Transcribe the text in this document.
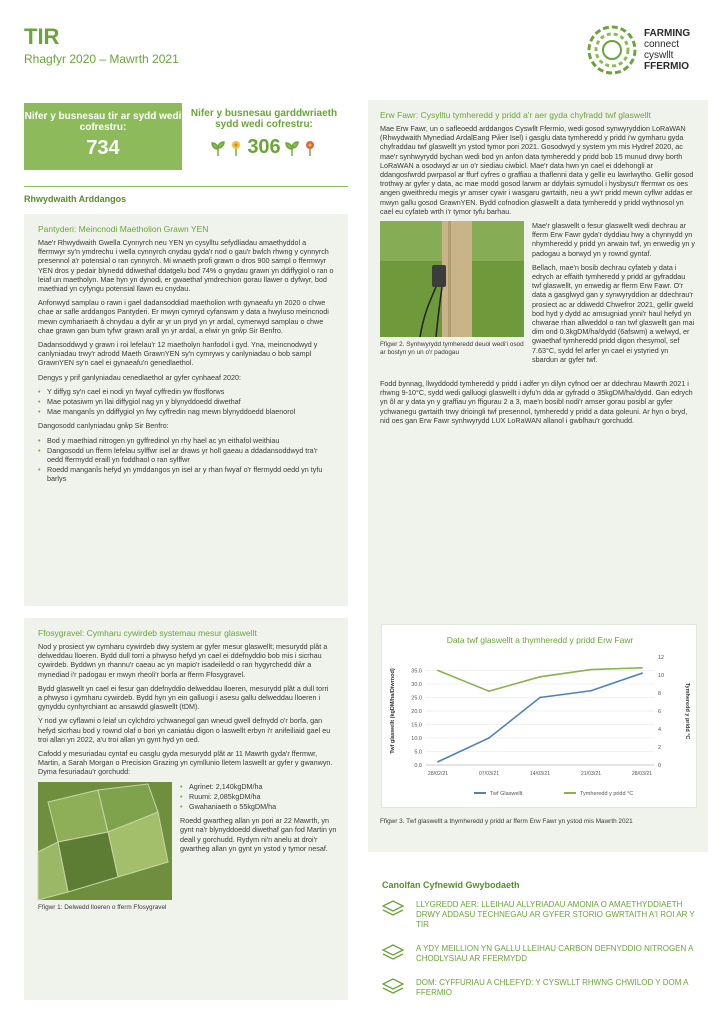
TIR
Rhagfyr 2020 – Mawrth 2021
FARMING
connect
cyswllt
FFERMIO
Nifer y busnesau tir ar sydd wedi cofrestru:
734
Nifer y busnesau garddwriaeth sydd wedi cofrestru:
306
Rhwydwaith Arddangos
Pantyderi: Meincnodi Maetholion Grawn YEN

Mae'r Rhwydwaith Gwella Cynnyrch neu YEN yn cysylltu sefydliadau amaethyddol a ffermwyr sy'n ymdrechu i wella cynnyrch cnydau gyda'r nod o gau'r bwlch rhwng y cynnyrch presennol a'r potensial o ran cynnyrch. Mi wnaeth profi grawn o dros 900 sampl o ffermwyr YEN dros y pedair blynedd ddiwethaf ddatgelu bod 74% o gnydau grawn yn ddiffygiol o ran o leiaf un maetholyn. Mae hyn yn dynodi, er gwaethaf ymdrechion gorau llawer o dyfwyr, bod maethiad yn cyfyngu potensial llawn eu cnydau.

Anfonwyd samplau o rawn i gael dadansoddiad maetholion wrth gynaeafu yn 2020 o chwe chae ar safle arddangos Pantyderi. Er mwyn cymryd cyfanswm y data a hwyluso meincnodi mewn cymhariaeth â chnydau a dyfir ar yr un pryd yn yr ardal, cymerwyd samplau o chwe chae grawn gan bum tyfwr grawn arall yn yr ardal, a elwir yn grŵp Sir Benfro.

Dadansoddwyd y grawn i roi lefelau'r 12 maetholyn hanfodol i gyd. Yna, meincnodwyd y canlyniadau trwy'r adrodd Maeth GrawnYEN sy'n cymryws y canlyniadau o bob sampl GrawnYEN sy'n cael ei gynaeafu'n genedlaethol.

Dengys y prif ganlyniadau cenedlaethol ar gyfer cynhaeaf 2020:

• Y diffyg sy'n cael ei nodi yn fwyaf cyffredin yw ffosfforws
• Mae potasiwm yn llai diffygiol nag yn y blynyddoedd diwethaf
• Mae manganîs yn ddiffygiol yn fwy cyffredin nag mewn blynyddoedd blaenorol

Dangosodd canlyniadau grŵp Sir Benfro:

• Bod y maethiad nitrogen yn gyffredinol yn rhy hael ac yn eithafol weithiau
• Dangosodd un fferm lefelau sylffwr isel ar draws yr holl gaeau a ddadansoddwyd tra'r oedd ffermydd eraill yn foddhaol o ran sylffwr
• Roedd manganîs hefyd yn ymddangos yn isel ar y rhan fwyaf o'r ffermydd oedd yn tyfu barlys
Ffosygravel: Cymharu cywirdeb systemau mesur glaswellt

Nod y prosiect yw cymharu cywirdeb dwy system ar gyfer mesur glaswellt; mesurydd plât a delweddau lloeren. Bydd dull torri a phwyso hefyd yn cael ei ddefnyddio bob mis i sicrhau cywirdeb. Byddwn yn rhannu'r caeau ac yn mapio'r isadeiledd o ran hygyrchedd dŵr a mynediad i'r padogau er mwyn rheoli'r borfa ar fferm Ffosygravel.

Bydd glaswellt yn cael ei fesur gan ddefnyddio delweddau lloeren, mesurydd plât a dull torri a phwyso i gymharu cywirdeb. Bydd hyn yn ein galluogi i asesu gallu delweddau lloeren i gynyddu cynhyrchiant ac ansawdd glaswellt (tDM).

Y nod yw cyflawni o leiaf un cylchdro ychwanegol gan wneud gwell defnydd o'r borfa, gan hefyd sicrhau bod y rownd olaf o bori yn caniatáu digon o laswellt erbyn i'r anifeiliaid gael eu troi allan yn 2022, a'u troi allan yn gynt hyd yn oed.

Cafodd y mesuriadau cyntaf eu casglu gyda mesurydd plât ar 11 Mawrth gyda'r ffermwr, Martin, a Sarah Morgan o Precision Grazing yn cymllunio lletem laswellt ar gyfer y gwanwyn. Dyma fesuriadau'r gorchudd:

• Agrinet: 2,140kgDM/ha
• Ruumi: 2,085kgDM/ha
• Gwahaniaeth o 55kgDM/ha

Roedd gwartheg allan yn pori ar 22 Mawrth, yn gynt na'r blynyddoedd diwethaf gan fod Martin yn deall y gorchudd. Rydym ni'n anelu at droi'r gwartheg allan yn gynt yn ystod y tymor nesaf.

Ffigwr 1: Delwedd lloeren o fferm Ffosygravel
Erw Fawr: Cysylltu tymheredd y pridd a'r aer gyda chyfradd twf glaswellt

Mae Erw Fawr, un o safleoedd arddangos Cyswllt Ffermio, wedi gosod synwyryddion LoRaWAN (Rhwydwaith Mynediad ArdalEang Pŵer Isel) i gasglu data tymheredd y pridd i'w gymharu gyda chyfraddau twf glaswellt yn ystod tymor pori 2021. Gosodwyd y system ym mis Hydref 2020, ac mae'r synhwyrydd bychan wedi bod yn anfon data tymheredd y pridd bob 15 munud drwy borth LoRaWAN a osodwyd ar un o'r siediau ciwbicl. Mae'r data hwn yn cael ei ddehongli ar ddangosfwrdd pwrpasol ar ffurf cyfres o graffiau a thaflenni data y gellir eu lawrlwytho. Gellir gosod trothwy ar gyfer y data, ac mae modd gosod larwm ar ddyfais symudol i hysbysu'r ffermwr os oes angen gweithredu megis yr amser cywir i wasgaru gwrtaith, neu a yw'r pridd mewn cyflwr addas er mwyn gallu gosod GrawnYEN. Bydd cofnodion glaswellt a data tymheredd y pridd wythnosol yn cael eu cyfateb wrth i'r tymor tyfu barhau.

Ffigwr 2. Synhwyrydd tymheredd deuol wedi'i osod ar bostyn yn un o'r padogau

Mae'r glaswellt o fesur glaswellt wedi dechrau ar fferm Erw Fawr gyda'r dyddiau hwy a chynnydd yn nhymheredd y pridd yn arwain twf, yn enwedig yn y padogau a borwyd yn y rownd gyntaf.

Bellach, mae'n bosib dechrau cyfateb y data i edrych ar effaith tymheredd y pridd ar gyfraddau twf glaswellt, yn enwedig ar fferm Erw Fawr. O'r data a gasglwyd gan y synwyryddion ar ddechrau'r prosiect ac ar ddiwedd Chwefror 2021, gellir gweld bod hyd y dydd ac amsugniad ynni'r haul hefyd yn chwarae rhan allweddol o ran twf glaswellt gan mai dim ond 0.3kgDM/ha/dydd (6afswm) a welwyd, er gwaethaf tymheredd pridd digon rhesymol, sef 7.63°C, sydd fel arfer yn cael ei ystyried yn sbardun ar gyfer twf.

Fodd bynnag, llwyddodd tymheredd y pridd i adfer yn dilyn cyfnod oer ar ddechrau Mawrth 2021 i rhwng 9-10°C, sydd wedi galluogi glaswellt i dyfu'n dda ar gyfradd o 35kgDM/ha/dydd. Gan edrych yn ôl ar y data yn y graffiau yn ffigurau 2 a 3, mae'n bosibl nodi'r amser gorau posibl ar gyfer ychwanegu gwrtaith trwy drioingli twf presennol, tymheredd y pridd a data goleuni. Ar hyn o bryd, nid oes gan Erw Fawr synhwyrydd LUX LoRaWAN allanol i gwblhau'r gorchudd.

Ffigwr 3. Twf glaswellt a thymheredd y pridd ar fferm Erw Fawr yn ystod mis Mawrth 2021
Data twf glaswellt a thymheredd y pridd Erw Fawr
0.0
5.0
10.0
15.0
20.0
25.0
30.0
35.0
0
2
4
6
8
10
12
28/02/21	07/03/21	14/03/21	21/03/21	28/03/21
Twf glaswellt (kgDM/ha/Diwrnod)	Tymheredd y pridd °C
Twf Glaswellt	Tymheredd y pridd °C
Canolfan Cyfnewid Gwybodaeth
LLYGREDD AER: LLEIHAU ALLYRIADAU AMONIA O AMAETHYDDIAETH DRWY ADDASU TECHNEGAU AR GYFER STORIO GWRTAITH A'I ROI AR Y TIR
A YDY MEILLION YN GALLU LLEIHAU CARBON DEFNYDDIO NITROGEN A CHODLYSIAU AR FFERMYDD
DOM: CYFFURIAU A CHLEFYD: Y CYSWLLT RHWNG CHWILOD Y DOM A FFERMIO
